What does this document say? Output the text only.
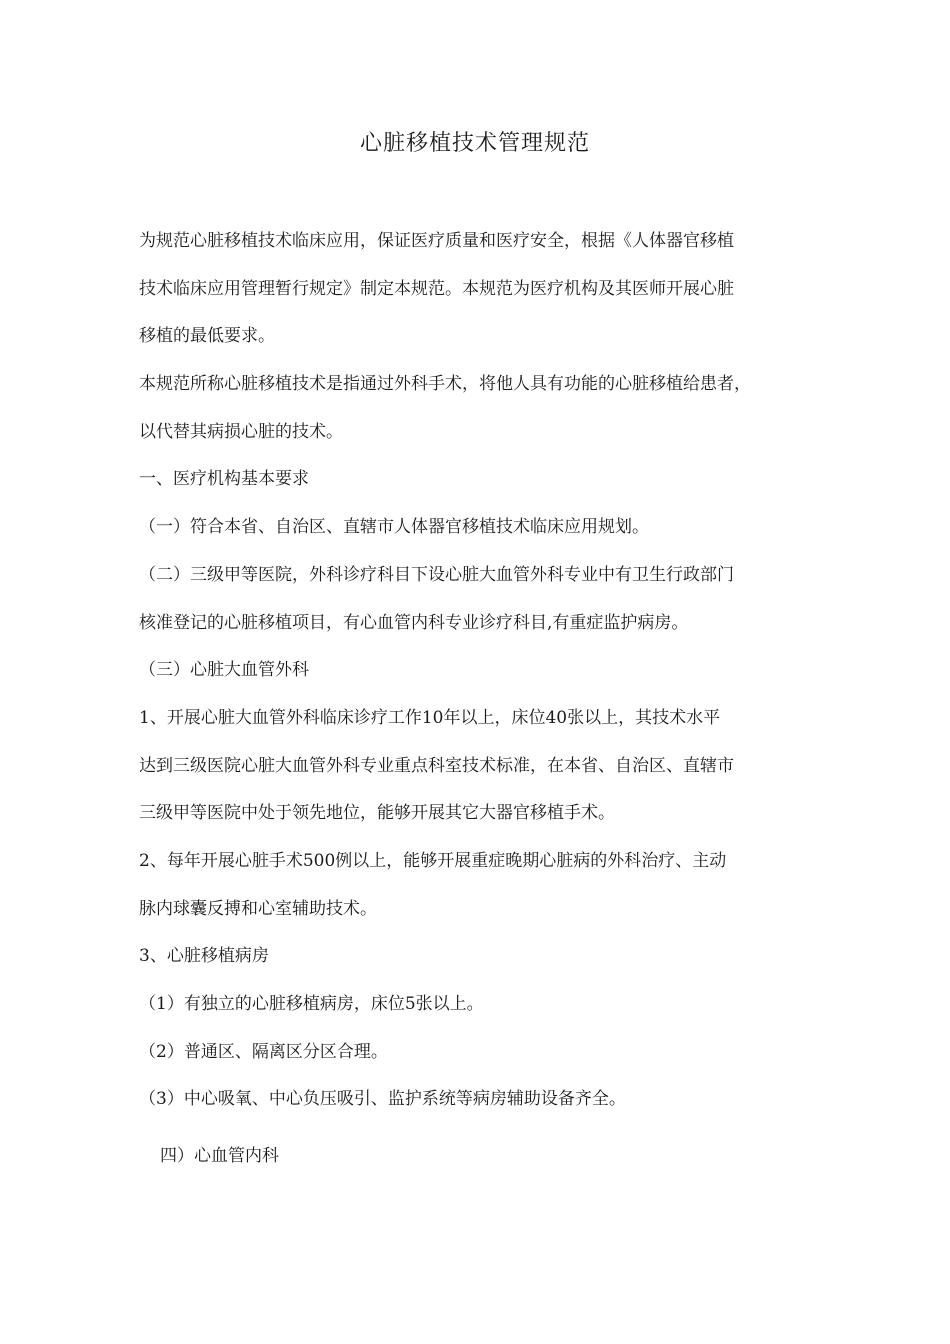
心脏移植技术管理规范
为规范心脏移植技术临床应用，保证医疗质量和医疗安全，根据《人体器官移植
技术临床应用管理暂行规定》制定本规范。本规范为医疗机构及其医师开展心脏
移植的最低要求。
本规范所称心脏移植技术是指通过外科手术，将他人具有功能的心脏移植给患者，
以代替其病损心脏的技术。
一、医疗机构基本要求
（一）符合本省、自治区、直辖市人体器官移植技术临床应用规划。
（二）三级甲等医院，外科诊疗科目下设心脏大血管外科专业中有卫生行政部门
核准登记的心脏移植项目，有心血管内科专业诊疗科目,有重症监护病房。
（三）心脏大血管外科
1、开展心脏大血管外科临床诊疗工作10年以上，床位40张以上，其技术水平
达到三级医院心脏大血管外科专业重点科室技术标准，在本省、自治区、直辖市
三级甲等医院中处于领先地位，能够开展其它大器官移植手术。
2、每年开展心脏手术500例以上，能够开展重症晚期心脏病的外科治疗、主动
脉内球囊反搏和心室辅助技术。
3、心脏移植病房
（1）有独立的心脏移植病房，床位5张以上。
（2）普通区、隔离区分区合理。
（3）中心吸氧、中心负压吸引、监护系统等病房辅助设备齐全。
四）心血管内科
